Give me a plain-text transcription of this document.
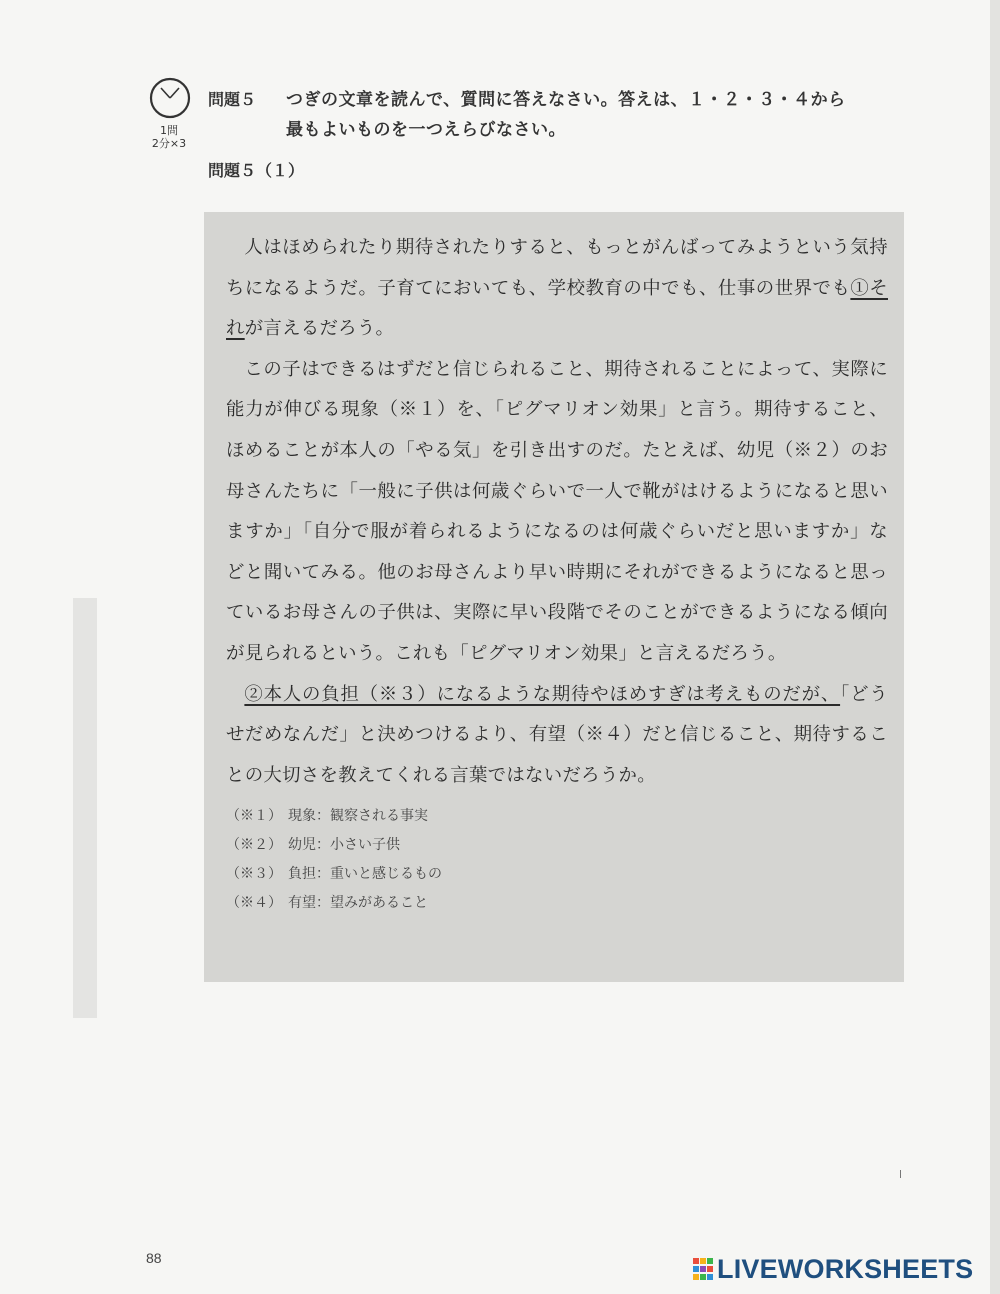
1問
2分×3
問題５ つぎの文章を読んで、質問に答えなさい。答えは、１・２・３・４から
最もよいものを一つえらびなさい。
問題５（１）

人はほめられたり期待されたりすると、もっとがんばってみようという気持ちになるようだ。子育てにおいても、学校教育の中でも、仕事の世界でも①それが言えるだろう。

この子はできるはずだと信じられること、期待されることによって、実際に能力が伸びる現象（※１）を、「ピグマリオン効果」と言う。期待すること、ほめることが本人の「やる気」を引き出すのだ。たとえば、幼児（※２）のお母さんたちに「一般に子供は何歳ぐらいで一人で靴がはけるようになると思いますか」「自分で服が着られるようになるのは何歳ぐらいだと思いますか」などと聞いてみる。他のお母さんより早い時期にそれができるようになると思っているお母さんの子供は、実際に早い段階でそのことができるようになる傾向が見られるという。これも「ピグマリオン効果」と言えるだろう。

②本人の負担（※３）になるような期待やほめすぎは考えものだが、「どうせだめなんだ」と決めつけるより、有望（※４）だと信じること、期待することの大切さを教えてくれる言葉ではないだろうか。

（※１） 現象：観察される事実
（※２） 幼児：小さい子供
（※３） 負担：重いと感じるもの
（※４） 有望：望みがあること
88	LIVEWORKSHEETS
